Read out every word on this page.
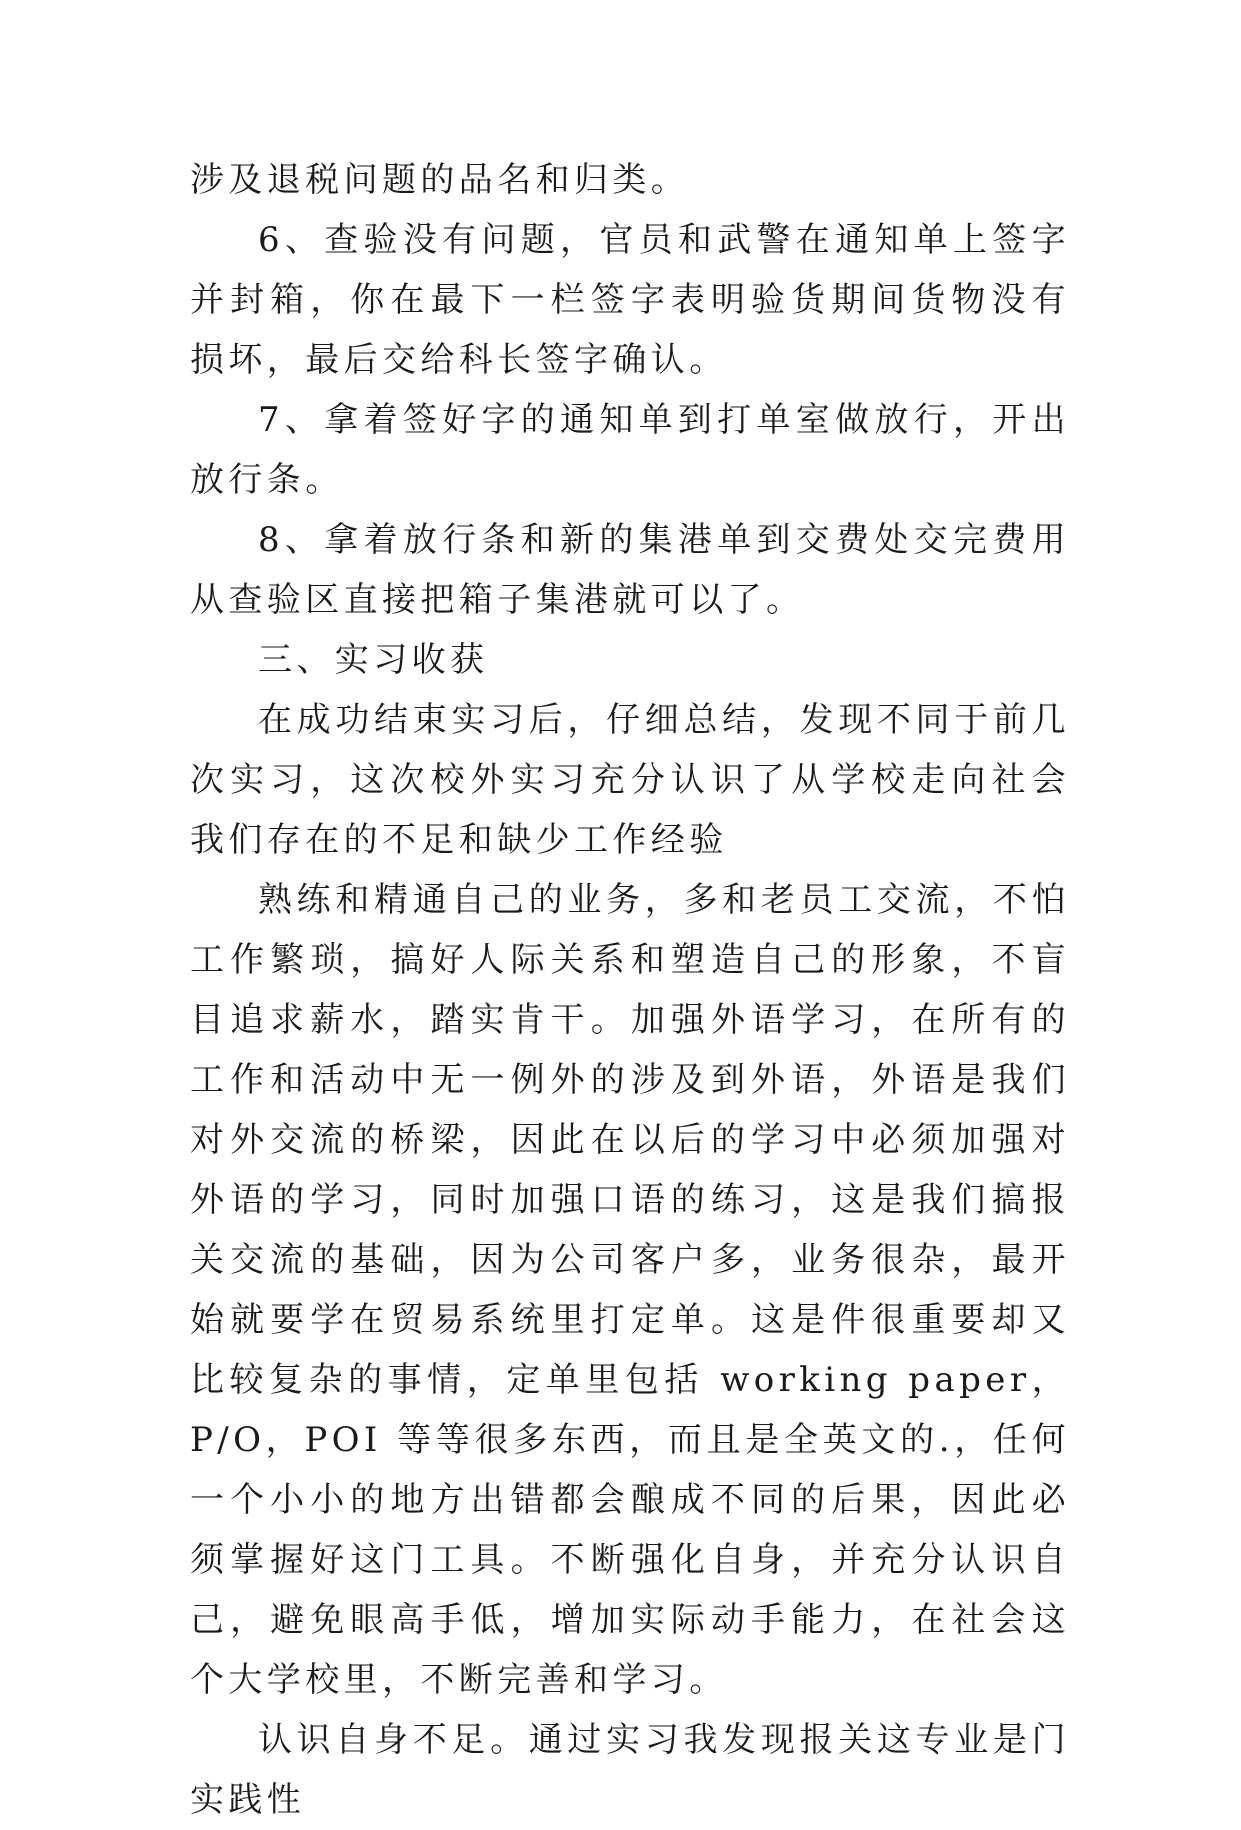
涉及退税问题的品名和归类。

6、查验没有问题，官员和武警在通知单上签字并封箱，你在最下一栏签字表明验货期间货物没有损坏，最后交给科长签字确认。

7、拿着签好字的通知单到打单室做放行，开出放行条。

8、拿着放行条和新的集港单到交费处交完费用从查验区直接把箱子集港就可以了。

三、实习收获

在成功结束实习后，仔细总结，发现不同于前几次实习，这次校外实习充分认识了从学校走向社会我们存在的不足和缺少工作经验

熟练和精通自己的业务，多和老员工交流，不怕工作繁琐，搞好人际关系和塑造自己的形象，不盲目追求薪水，踏实肯干。加强外语学习，在所有的工作和活动中无一例外的涉及到外语，外语是我们对外交流的桥梁，因此在以后的学习中必须加强对外语的学习，同时加强口语的练习，这是我们搞报关交流的基础，因为公司客户多，业务很杂，最开始就要学在贸易系统里打定单。这是件很重要却又比较复杂的事情，定单里包括 working paper，P/O，POI 等等很多东西，而且是全英文的.，任何一个小小的地方出错都会酿成不同的后果，因此必须掌握好这门工具。不断强化自身，并充分认识自己，避免眼高手低，增加实际动手能力，在社会这个大学校里，不断完善和学习。

认识自身不足。通过实习我发现报关这专业是门实践性
